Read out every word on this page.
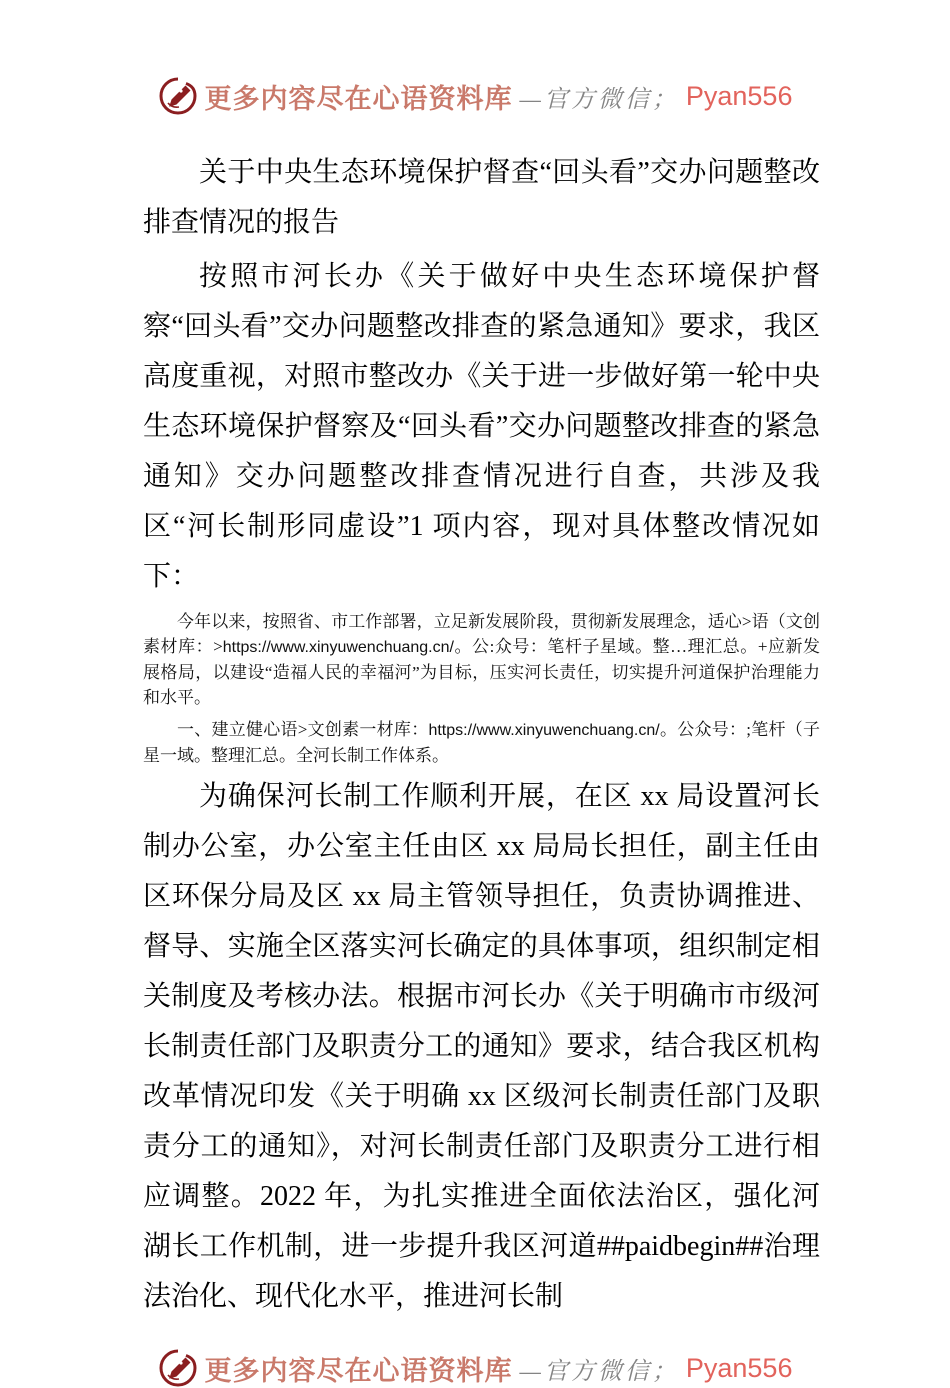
更多内容尽在心语资料库 —官方微信； Pyan556
关于中央生态环境保护督查“回头看”交办问题整改排查情况的报告

按照市河长办《关于做好中央生态环境保护督察“回头看”交办问题整改排查的紧急通知》要求，我区高度重视，对照市整改办《关于进一步做好第一轮中央生态环境保护督察及“回头看”交办问题整改排查的紧急通知》交办问题整改排查情况进行自查，共涉及我区“河长制形同虚设”1 项内容，现对具体整改情况如下：

今年以来，按照省、市工作部署，立足新发展阶段，贯彻新发展理念，适心>语（文创素材库：>https://www.xinyuwenchuang.cn/。公:众号：笔杆子星域。整…理汇总。+应新发展格局，以建设“造福人民的幸福河”为目标，压实河长责任，切实提升河道保护治理能力和水平。

一、建立健心语>文创素一材库：https://www.xinyuwenchuang.cn/。公众号：;笔杆（子星一域。整理汇总。全河长制工作体系。

为确保河长制工作顺利开展，在区 xx 局设置河长制办公室，办公室主任由区 xx 局局长担任，副主任由区环保分局及区 xx 局主管领导担任，负责协调推进、督导、实施全区落实河长确定的具体事项，组织制定相关制度及考核办法。根据市河长办《关于明确市市级河长制责任部门及职责分工的通知》要求，结合我区机构改革情况印发《关于明确 xx 区级河长制责任部门及职责分工的通知》，对河长制责任部门及职责分工进行相应调整。2022 年，为扎实推进全面依法治区，强化河湖长工作机制，进一步提升我区河道##paidbegin##治理法治化、现代化水平，推进河长制

更多内容尽在心语资料库 —官方微信； Pyan556
